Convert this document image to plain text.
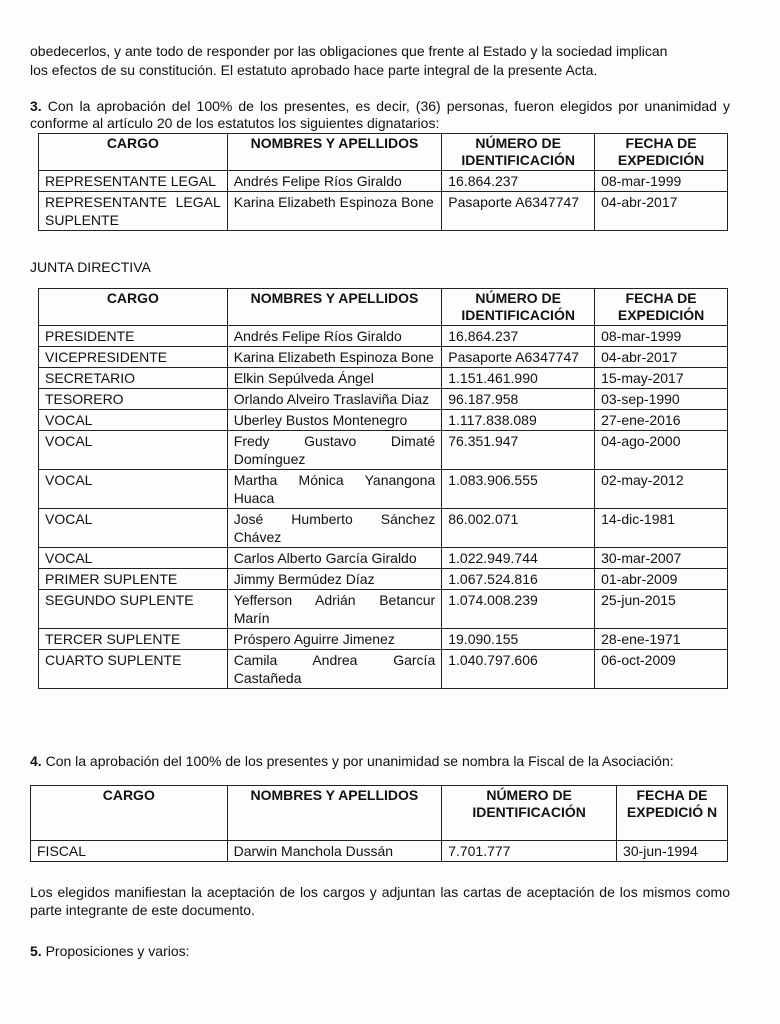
obedecerlos, y ante todo de responder por las obligaciones que frente al Estado y la sociedad implican

los efectos de su constitución. El estatuto aprobado hace parte integral de la presente Acta.

3. Con la aprobación del 100% de los presentes, es decir, (36) personas, fueron elegidos por unanimidad y conforme al artículo 20 de los estatutos los siguientes dignatarios:

CARGO	NOMBRES Y APELLIDOS	NÚMERO DE IDENTIFICACIÓN	FECHA DE EXPEDICIÓN
REPRESENTANTE LEGAL	Andrés Felipe Ríos Giraldo	16.864.237	08-mar-1999
REPRESENTANTE LEGAL SUPLENTE	Karina Elizabeth Espinoza Bone	Pasaporte A6347747	04-abr-2017

JUNTA DIRECTIVA

CARGO	NOMBRES Y APELLIDOS	NÚMERO DE IDENTIFICACIÓN	FECHA DE EXPEDICIÓN
PRESIDENTE	Andrés Felipe Ríos Giraldo	16.864.237	08-mar-1999
VICEPRESIDENTE	Karina Elizabeth Espinoza Bone	Pasaporte A6347747	04-abr-2017
SECRETARIO	Elkin Sepúlveda Ángel	1.151.461.990	15-may-2017
TESORERO	Orlando Alveiro Traslaviña Diaz	96.187.958	03-sep-1990
VOCAL	Uberley Bustos Montenegro	1.117.838.089	27-ene-2016
VOCAL	Fredy Gustavo Dimaté Domínguez	76.351.947	04-ago-2000
VOCAL	Martha Mónica Yanangona Huaca	1.083.906.555	02-may-2012
VOCAL	José Humberto Sánchez Chávez	86.002.071	14-dic-1981
VOCAL	Carlos Alberto García Giraldo	1.022.949.744	30-mar-2007
PRIMER SUPLENTE	Jimmy Bermúdez Díaz	1.067.524.816	01-abr-2009
SEGUNDO SUPLENTE	Yefferson Adrián Betancur Marín	1.074.008.239	25-jun-2015
TERCER SUPLENTE	Próspero Aguirre Jimenez	19.090.155	28-ene-1971
CUARTO SUPLENTE	Camila Andrea García Castañeda	1.040.797.606	06-oct-2009

4. Con la aprobación del 100% de los presentes y por unanimidad se nombra la Fiscal de la Asociación:

CARGO	NOMBRES Y APELLIDOS	NÚMERO DE IDENTIFICACIÓN	FECHA DE EXPEDICIÓ N
FISCAL	Darwin Manchola Dussán	7.701.777	30-jun-1994

Los elegidos manifiestan la aceptación de los cargos y adjuntan las cartas de aceptación de los mismos como parte integrante de este documento.

5. Proposiciones y varios:
